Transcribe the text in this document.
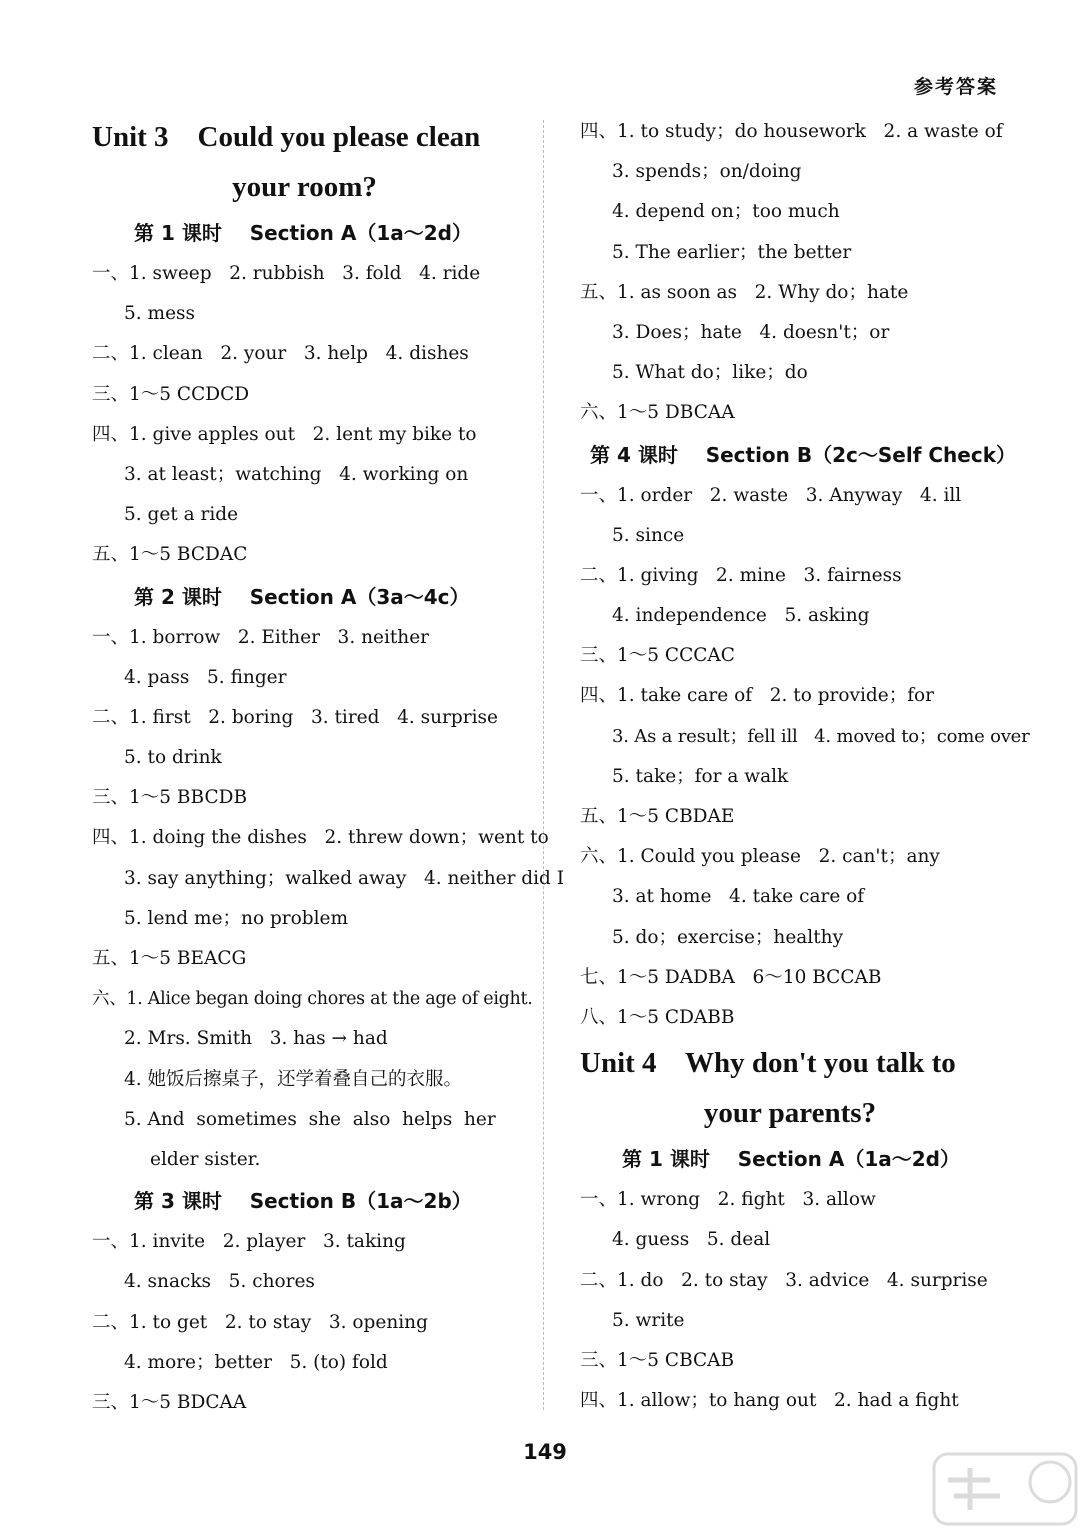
参考答案
Unit 3    Could you please clean
your room?
第 1 课时    Section A（1a～2d）
一、1. sweep   2. rubbish   3. fold   4. ride
5. mess
二、1. clean   2. your   3. help   4. dishes
三、1～5 CCDCD
四、1. give apples out   2. lent my bike to
3. at least；watching   4. working on
5. get a ride
五、1～5 BCDAC
第 2 课时    Section A（3a～4c）
一、1. borrow   2. Either   3. neither
4. pass   5. finger
二、1. first   2. boring   3. tired   4. surprise
5. to drink
三、1～5 BBCDB
四、1. doing the dishes   2. threw down；went to
3. say anything；walked away   4. neither did I
5. lend me；no problem
五、1～5 BEACG
六、1. Alice began doing chores at the age of eight.
2. Mrs. Smith   3. has → had
4. 她饭后擦桌子，还学着叠自己的衣服。
5. And  sometimes  she  also  helps  her
elder sister.
第 3 课时    Section B（1a～2b）
一、1. invite   2. player   3. taking
4. snacks   5. chores
二、1. to get   2. to stay   3. opening
4. more；better   5. (to) fold
三、1～5 BDCAA
四、1. to study；do housework   2. a waste of
3. spends；on/doing
4. depend on；too much
5. The earlier；the better
五、1. as soon as   2. Why do；hate
3. Does；hate   4. doesn't；or
5. What do；like；do
六、1～5 DBCAA
第 4 课时    Section B（2c～Self Check）
一、1. order   2. waste   3. Anyway   4. ill
5. since
二、1. giving   2. mine   3. fairness
4. independence   5. asking
三、1～5 CCCAC
四、1. take care of   2. to provide；for
3. As a result；fell ill   4. moved to；come over
5. take；for a walk
五、1～5 CBDAE
六、1. Could you please   2. can't；any
3. at home   4. take care of
5. do；exercise；healthy
七、1～5 DADBA   6～10 BCCAB
八、1～5 CDABB
Unit 4    Why don't you talk to
your parents?
第 1 课时    Section A（1a～2d）
一、1. wrong   2. fight   3. allow
4. guess   5. deal
二、1. do   2. to stay   3. advice   4. surprise
5. write
三、1～5 CBCAB
四、1. allow；to hang out   2. had a fight
149
